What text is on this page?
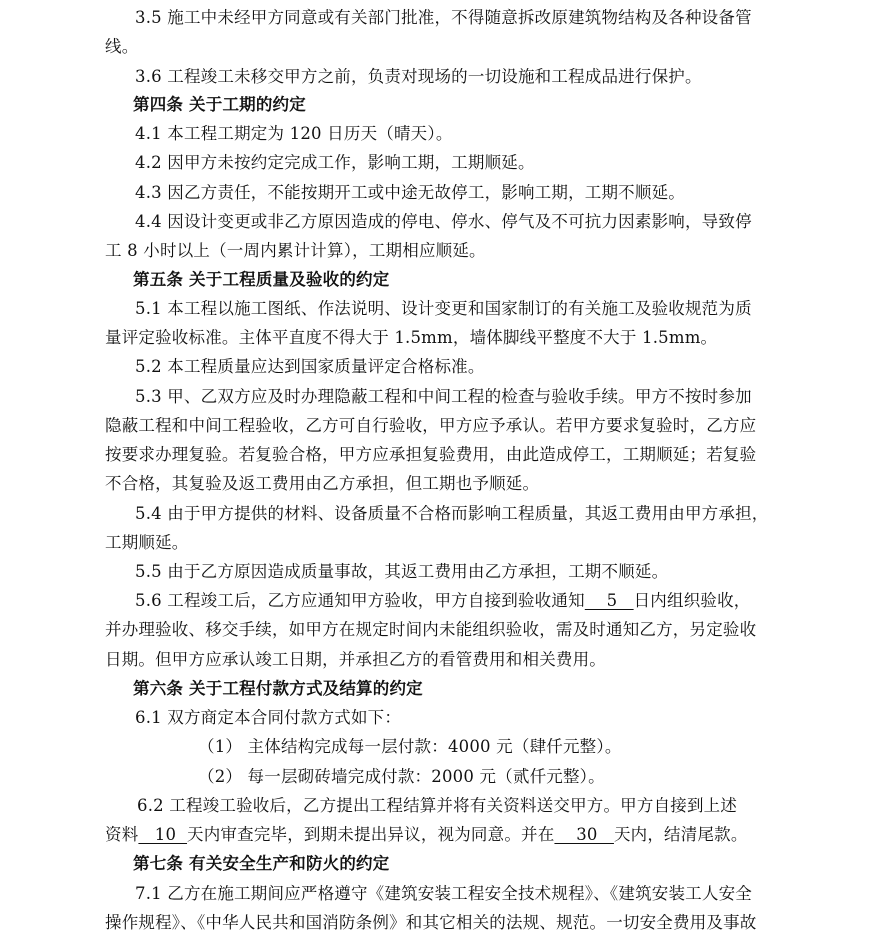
3.5 施工中未经甲方同意或有关部门批准，不得随意拆改原建筑物结构及各种设备管
线。
3.6 工程竣工未移交甲方之前，负责对现场的一切设施和工程成品进行保护。
第四条 关于工期的约定
4.1 本工程工期定为 120 日历天（晴天）。
4.2 因甲方未按约定完成工作，影响工期，工期顺延。
4.3 因乙方责任，不能按期开工或中途无故停工，影响工期，工期不顺延。
4.4 因设计变更或非乙方原因造成的停电、停水、停气及不可抗力因素影响，导致停
工 8 小时以上（一周内累计计算），工期相应顺延。
第五条 关于工程质量及验收的约定
5.1 本工程以施工图纸、作法说明、设计变更和国家制订的有关施工及验收规范为质
量评定验收标准。主体平直度不得大于 1.5mm，墙体脚线平整度不大于 1.5mm。
5.2 本工程质量应达到国家质量评定合格标准。
5.3 甲、乙双方应及时办理隐蔽工程和中间工程的检查与验收手续。甲方不按时参加
隐蔽工程和中间工程验收，乙方可自行验收，甲方应予承认。若甲方要求复验时，乙方应
按要求办理复验。若复验合格，甲方应承担复验费用，由此造成停工，工期顺延；若复验
不合格，其复验及返工费用由乙方承担，但工期也予顺延。
5.4 由于甲方提供的材料、设备质量不合格而影响工程质量，其返工费用由甲方承担，
工期顺延。
5.5 由于乙方原因造成质量事故，其返工费用由乙方承担，工期不顺延。
5.6 工程竣工后，乙方应通知甲方验收，甲方自接到验收通知    5   日内组织验收，
并办理验收、移交手续，如甲方在规定时间内未能组织验收，需及时通知乙方，另定验收
日期。但甲方应承认竣工日期，并承担乙方的看管费用和相关费用。
第六条 关于工程付款方式及结算的约定
6.1 双方商定本合同付款方式如下：
（1） 主体结构完成每一层付款：4000 元（肆仟元整）。
（2） 每一层砌砖墙完成付款：2000 元（贰仟元整）。
6.2 工程竣工验收后，乙方提出工程结算并将有关资料送交甲方。甲方自接到上述
资料   10  天内审查完毕，到期未提出异议，视为同意。并在    30   天内，结清尾款。
第七条 有关安全生产和防火的约定
7.1 乙方在施工期间应严格遵守《建筑安装工程安全技术规程》、《建筑安装工人安全
操作规程》、《中华人民共和国消防条例》和其它相关的法规、规范。一切安全费用及事故
